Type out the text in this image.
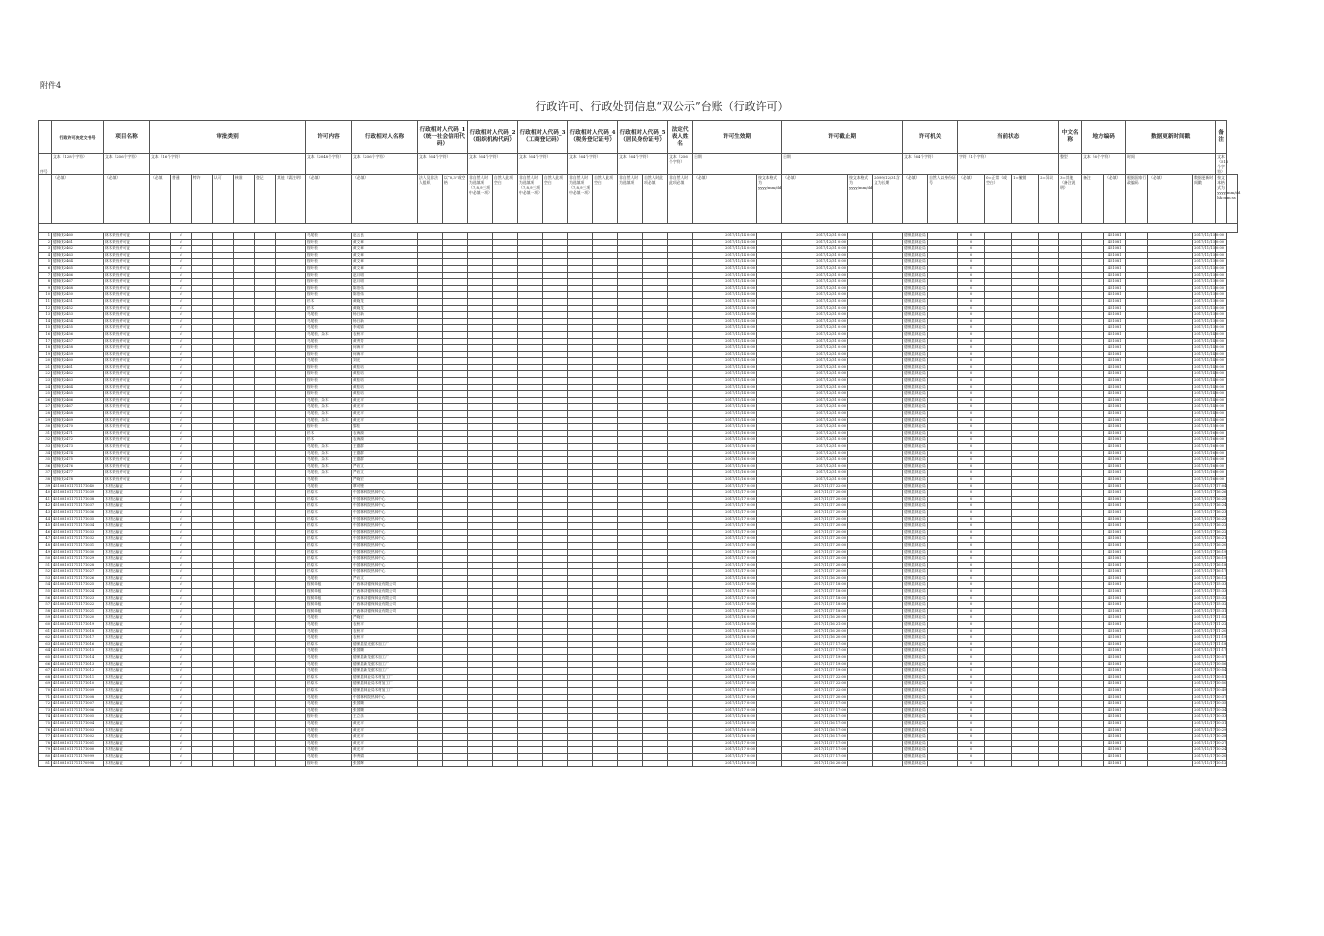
附件4
行政许可、行政处罚信息“双公示”台账（行政许可）
	行政许可决定文书号	项目名称	审批类别							许可内容	行政相对人名称	行政相对人代码_1（统一社会信用代码）		行政相对人代码_2（组织机构代码）		行政相对人代码_3（工商登记码）		行政相对人代码_4（税务登记证号）		行政相对人代码_5（居民身份证号）		法定代表人姓名	许可生效期		许可截止期			许可机关		当前状态				中文名称	地方编码		数据更新时间戳			备注	
序号	文本（128个字符）	文本（256个字符）	文本（16个字符）							文本（2048个字符）	文本（256个字符）	文本（64个字符）		文本（64个字符）		文本（64个字符）		文本（64个字符）		文本（64个字符）		文本（256个字符）	日期		日期			文本（64个字符）		字符（1个字符）				整型	文本（6个字符）		时间			文本（512个字符）	
	（必填）	（必填）	（必填	普通	特许	认可	核准	登记	其他（需注明）	（必填）	（必填）	法人及非法人组织	以“0,3”或空格	非自然人时为选填项（7,8,9三项中必填一项）	自然人此项空白	非自然人时为选填项（7,8,9三项中必填一项）	自然人此项空白	非自然人时为选填项（7,8,9三项中必填一项）	自然人此项空白	非自然人时为选填项	自然人时此项必填	非自然人时此项必填	（必填）	按文本格式为yyyy/mm/dd	（必填）	按文本格式为yyyy/mm/dd	2099/12/31含义为长期	（必填）	自然人以身份证号	（必填）	0=正常（或空白）	1=撤销	2=异议	3=其他（备注说明）	备注	（必填）	根据国家行政编码	（必填）	数据更新时间戳	按文本格式为yyyy/mm/dd hh:mm:ss	

1	德林伐2460	林木采伐许可证		√						马尾松	赵云良												2017/11/14 0:00		2017/12/31 0:00			德保县林业局		0						451081			2017/11/13 0:00		
2	德林伐2461	林木采伐许可证		√						桉叶松	黄文章												2017/11/14 0:00		2017/12/31 0:00			德保县林业局		0						451081			2017/11/13 0:00		
3	德林伐2462	林木采伐许可证		√						桉叶松	黄文章												2017/11/14 0:00		2017/12/31 0:00			德保县林业局		0						451081			2017/11/13 0:00		
4	德林伐2463	林木采伐许可证		√						桉叶松	黄文章												2017/11/14 0:00		2017/12/31 0:00			德保县林业局		0						451081			2017/11/13 0:00		
5	德林伐2464	林木采伐许可证		√						桉叶松	黄文章												2017/11/14 0:00		2017/12/31 0:00			德保县林业局		0						451081			2017/11/13 0:00		
6	德林伐2465	林木采伐许可证		√						桉叶松	黄文章												2017/11/14 0:00		2017/12/31 0:00			德保县林业局		0						451081			2017/11/13 0:00		
7	德林伐2466	林木采伐许可证		√						桉叶松	赵月明												2017/11/14 0:00		2017/12/31 0:00			德保县林业局		0						451081			2017/11/13 0:00		
8	德林伐2467	林木采伐许可证		√						桉叶松	赵月明												2017/11/14 0:00		2017/12/31 0:00			德保县林业局		0						451081			2017/11/13 0:00		
9	德林伐2468	林木采伐许可证		√						桉叶松	陈伯伟												2017/11/14 0:00		2017/12/31 0:00			德保县林业局		0						451081			2017/11/13 0:00		
10	德林伐2450	林木采伐许可证		√						桉叶松	陈伯伟												2017/11/14 0:00		2017/12/31 0:00			德保县林业局		0						451081			2017/11/13 0:00		
11	德林伐2451	林木采伐许可证		√						杉木	黄晓龙												2017/11/14 0:00		2017/12/31 0:00			德保县林业局		0						451081			2017/11/13 0:00		
12	德林伐2452	林木采伐许可证		√						杉木	黄晓龙												2017/11/14 0:00		2017/12/31 0:00			德保县林业局		0						451081			2017/11/13 0:00		
13	德林伐2453	林木采伐许可证		√						马尾松	杨日新												2017/11/14 0:00		2017/12/31 0:00			德保县林业局		0						451081			2017/11/13 0:00		
14	德林伐2454	林木采伐许可证		√						马尾松	杨日新												2017/11/14 0:00		2017/12/31 0:00			德保县林业局		0						451081			2017/11/13 0:00		
15	德林伐2455	林木采伐许可证		√						马尾松	李成锦												2017/11/14 0:00		2017/12/31 0:00			德保县林业局		0						451081			2017/11/13 0:00		
16	德林伐2456	林木采伐许可证		√						马尾松、杂木	农秋平												2017/11/14 0:00		2017/12/31 0:00			德保县林业局		0						451081			2017/11/14 0:00		
17	德林伐2457	林木采伐许可证		√						马尾松	黄秀芳												2017/11/14 0:00		2017/12/31 0:00			德保县林业局		0						451081			2017/11/14 0:00		
18	德林伐2458	林木采伐许可证		√						桉叶松	何海平												2017/11/14 0:00		2017/12/31 0:00			德保县林业局		0						451081			2017/11/14 0:00		
19	德林伐2459	林木采伐许可证		√						桉叶松	何海平												2017/11/14 0:00		2017/12/31 0:00			德保县林业局		0						451081			2017/11/14 0:00		
20	德林伐2460	林木采伐许可证		√						马尾松	刘光												2017/11/14 0:00		2017/12/31 0:00			德保县林业局		0						451081			2017/11/14 0:00		
21	德林伐2461	林木采伐许可证		√						桉叶松	黄桂培												2017/11/14 0:00		2017/12/31 0:00			德保县林业局		0						451081			2017/11/14 0:00		
22	德林伐2462	林木采伐许可证		√						桉叶松	黄桂培												2017/11/14 0:00		2017/12/31 0:00			德保县林业局		0						451081			2017/11/14 0:00		
23	德林伐2463	林木采伐许可证		√						桉叶松	黄桂培												2017/11/14 0:00		2017/12/31 0:00			德保县林业局		0						451081			2017/11/14 0:00		
24	德林伐2464	林木采伐许可证		√						桉叶松	黄桂培												2017/11/14 0:00		2017/12/31 0:00			德保县林业局		0						451081			2017/11/14 0:00		
25	德林伐2465	林木采伐许可证		√						桉叶松	黄桂培												2017/11/14 0:00		2017/12/31 0:00			德保县林业局		0						451081			2017/11/14 0:00		
26	德林伐2466	林木采伐许可证		√						马尾松、杂木	黄光平												2017/11/14 0:00		2017/12/31 0:00			德保县林业局		0						451081			2017/11/14 0:00		
27	德林伐2467	林木采伐许可证		√						马尾松、杂木	黄光平												2017/11/14 0:00		2017/12/31 0:00			德保县林业局		0						451081			2017/11/14 0:00		
28	德林伐2468	林木采伐许可证		√						马尾松、杂木	黄光平												2017/11/14 0:00		2017/12/31 0:00			德保县林业局		0						451081			2017/11/14 0:00		
29	德林伐2469	林木采伐许可证		√						马尾松、杂木	黄光平												2017/11/14 0:00		2017/12/31 0:00			德保县林业局		0						451081			2017/11/14 0:00		
30	德林伐2470	林木采伐许可证		√						桉叶松	黎桂												2017/11/15 0:00		2017/12/31 0:00			德保县林业局		0						451081			2017/11/15 0:00		
31	德林伐2471	林木采伐许可证		√						杉木	农海源												2017/11/16 0:00		2017/12/31 0:00			德保县林业局		0						451081			2017/11/16 0:00		
32	德林伐2472	林木采伐许可证		√						杉木	农海源												2017/11/16 0:00		2017/12/31 0:00			德保县林业局		0						451081			2017/11/16 0:00		
33	德林伐2473	林木采伐许可证		√						马尾松、杂木	王德群												2017/11/16 0:00		2017/12/31 0:00			德保县林业局		0						451081			2017/11/16 0:00		
34	德林伐2474	林木采伐许可证		√						马尾松、杂木	王德群												2017/11/16 0:00		2017/12/31 0:00			德保县林业局		0						451081			2017/11/16 0:00		
35	德林伐2475	林木采伐许可证		√						马尾松、杂木	王德群												2017/11/16 0:00		2017/12/31 0:00			德保县林业局		0						451081			2017/11/16 0:00		
36	德林伐2476	林木采伐许可证		√						马尾松、杂木	严岩文												2017/11/16 0:00		2017/12/31 0:00			德保县林业局		0						451081			2017/11/16 0:00		
37	德林伐2477	林木采伐许可证		√						马尾松、杂木	严岩文												2017/11/16 0:00		2017/12/31 0:00			德保县林业局		0						451081			2017/11/16 0:00		
38	德林伐2478	林木采伐许可证		√						马尾松	严晓宏												2017/11/16 0:00		2017/12/31 0:00			德保县林业局		0						451081			2017/11/16 0:00		
39	451081011711171040	木材运输证		√						马尾松	覃可铿												2017/11/17 0:00		2017/11/17 22:00			德保县林业局		0						451081			2017/11/17 17:04		
40	451081011711171039	木材运输证		√						杉原木	中国林科院热林中心												2017/11/17 0:00		2017/11/17 20:00			德保县林业局		0						451081			2017/11/17 16:26		
41	451081011711171038	木材运输证		√						杉原木	中国林科院热林中心												2017/11/17 0:00		2017/11/17 20:00			德保县林业局		0						451081			2017/11/17 16:25		
42	451081011711171037	木材运输证		√						杉原木	中国林科院热林中心												2017/11/17 0:00		2017/11/17 20:00			德保县林业局		0						451081			2017/11/17 16:24		
43	451081011711171036	木材运输证		√						杉原木	中国林科院热林中心												2017/11/17 0:00		2017/11/17 20:00			德保县林业局		0						451081			2017/11/17 16:23		
44	451081011711171035	木材运输证		√						杉原木	中国林科院热林中心												2017/11/17 0:00		2017/11/17 20:00			德保县林业局		0						451081			2017/11/17 16:23		
45	451081011711171034	木材运输证		√						杉原木	中国林科院热林中心												2017/11/17 0:00		2017/11/17 20:00			德保县林业局		0						451081			2017/11/17 16:22		
46	451081011711171033	木材运输证		√						杉原木	中国林科院热林中心												2017/11/17 0:00		2017/11/17 20:00			德保县林业局		0						451081			2017/11/17 16:22		
47	451081011711171032	木材运输证		√						杉原木	中国林科院热林中心												2017/11/17 0:00		2017/11/17 20:00			德保县林业局		0						451081			2017/11/17 16:21		
48	451081011711171031	木材运输证		√						杉原木	中国林科院热林中心												2017/11/17 0:00		2017/11/17 20:00			德保县林业局		0						451081			2017/11/17 16:20		
49	451081011711171030	木材运输证		√						杉原木	中国林科院热林中心												2017/11/17 0:00		2017/11/17 20:00			德保县林业局		0						451081			2017/11/17 16:19		
50	451081011711171029	木材运输证		√						杉原木	中国林科院热林中心												2017/11/17 0:00		2017/11/17 20:00			德保县林业局		0						451081			2017/11/17 16:19		
51	451081011711171028	木材运输证		√						杉原木	中国林科院热林中心												2017/11/17 0:00		2017/11/17 20:00			德保县林业局		0						451081			2017/11/17 16:18		
52	451081011711171027	木材运输证		√						杉原木	中国林科院热林中心												2017/11/17 0:00		2017/11/17 20:00			德保县林业局		0						451081			2017/11/17 16:17		
53	451081011711171026	木材运输证		√						马尾松	严岩文												2017/11/16 0:00		2017/11/16 20:00			德保县林业局		0						451081			2017/11/17 16:12		
54	451081011711171025	木材运输证		√						桉树单板	广西林浔德保林业有限公司												2017/11/17 0:00		2017/11/17 18:00			德保县林业局		0						451081			2017/11/17 15:33		
55	451081011711171024	木材运输证		√						桉树单板	广西林浔德保林业有限公司												2017/11/17 0:00		2017/11/17 18:00			德保县林业局		0						451081			2017/11/17 15:33		
56	451081011711171023	木材运输证		√						桉树单板	广西林浔德保林业有限公司												2017/11/17 0:00		2017/11/17 18:00			德保县林业局		0						451081			2017/11/17 15:32		
57	451081011711171022	木材运输证		√						桉树单板	广西林浔德保林业有限公司												2017/11/17 0:00		2017/11/17 18:00			德保县林业局		0						451081			2017/11/17 15:32		
58	451081011711171021	木材运输证		√						桉树单板	广西林浔德保林业有限公司												2017/11/17 0:00		2017/11/17 18:00			德保县林业局		0						451081			2017/11/17 15:31		
59	451081011711171020	木材运输证		√						马尾松	严晓宏												2017/11/16 0:00		2017/11/16 20:00			德保县林业局		0						451081			2017/11/17 11:52		
60	451081011711171019	木材运输证		√						马尾松	农秋平												2017/11/16 0:00		2017/11/16 21:00			德保县林业局		0						451081			2017/11/17 11:22		
61	451081011711171018	木材运输证		√						马尾松	农秋平												2017/11/16 0:00		2017/11/16 20:00			德保县林业局		0						451081			2017/11/17 11:20		
62	451081011711171017	木材运输证		√						马尾松	农秋平												2017/11/16 0:00		2017/11/16 20:00			德保县林业局		0						451081			2017/11/17 11:19		
63	451081011711171016	木材运输证		√						杉原木	德保县星光锯木加工厂												2017/11/17 0:00		2017/11/17 17:00			德保县林业局		0						451081			2017/11/17 11:18		
64	451081011711171015	木材运输证		√						马尾松	张国腾												2017/11/17 0:00		2017/11/17 17:00			德保县林业局		0						451081			2017/11/17 11:17		
65	451081011711171014	木材运输证		√						马尾松	德保县新龙锯木加工厂												2017/11/17 0:00		2017/11/17 19:00			德保县林业局		0						451081			2017/11/17 10:57		
66	451081011711171013	木材运输证		√						马尾松	德保县新龙锯木加工厂												2017/11/17 0:00		2017/11/17 19:00			德保县林业局		0						451081			2017/11/17 10:56		
67	451081011711171012	木材运输证		√						马尾松	德保县新龙锯木加工厂												2017/11/17 0:00		2017/11/17 19:00			德保县林业局		0						451081			2017/11/17 10:54		
68	451081011711171011	木材运输证		√						杉原木	德保县林业局木材加工厂												2017/11/17 0:00		2017/11/17 22:00			德保县林业局		0						451081			2017/11/17 10:51		
69	451081011711171010	木材运输证		√						杉原木	德保县林业局木材加工厂												2017/11/17 0:00		2017/11/17 22:00			德保县林业局		0						451081			2017/11/17 10:50		
70	451081011711171009	木材运输证		√						杉原木	德保县林业局木材加工厂												2017/11/17 0:00		2017/11/17 22:00			德保县林业局		0						451081			2017/11/17 10:49		
71	451081011711171008	木材运输证		√						马尾松	中国林科院热林中心												2017/11/17 0:00		2017/11/17 20:00			德保县林业局		0						451081			2017/11/17 10:37		
72	451081011711171007	木材运输证		√						马尾松	张国腾												2017/11/17 0:00		2017/11/17 17:00			德保县林业局		0						451081			2017/11/17 10:35		
73	451081011711171006	木材运输证		√						马尾松	张国腾												2017/11/17 0:00		2017/11/17 17:00			德保县林业局		0						451081			2017/11/17 10:34		
74	451081011711171005	木材运输证		√						桉叶松	王立乐												2017/11/16 0:00		2017/11/16 17:00			德保县林业局		0						451081			2017/11/17 10:33		
75	451081011711171004	木材运输证		√						马尾松	黄光平												2017/11/16 0:00		2017/11/16 17:00			德保县林业局		0						451081			2017/11/17 10:31		
76	451081011711171003	木材运输证		√						马尾松	黄光平												2017/11/16 0:00		2017/11/16 17:00			德保县林业局		0						451081			2017/11/17 10:29		
77	451081011711171002	木材运输证		√						马尾松	黄光平												2017/11/16 0:00		2017/11/16 17:00			德保县林业局		0						451081			2017/11/17 10:28		
78	451081011711171001	木材运输证		√						马尾松	黄光平												2017/11/17 0:00		2017/11/17 17:00			德保县林业局		0						451081			2017/11/17 10:27		
79	451081011711171000	木材运输证		√						马尾松	黄光平												2017/11/17 0:00		2017/11/17 17:00			德保县林业局		0						451081			2017/11/17 10:24		
80	451081011711170999	木材运输证		√						马尾松	李秀娟												2017/11/17 0:00		2017/11/17 17:00			德保县林业局		0						451081			2017/11/17 10:20		
81	451081011711170998	木材运输证		√						桉叶松	张国辉												2017/11/16 0:00		2017/11/16 20:00			德保县林业局		0						451081			2017/11/17 10:12		
